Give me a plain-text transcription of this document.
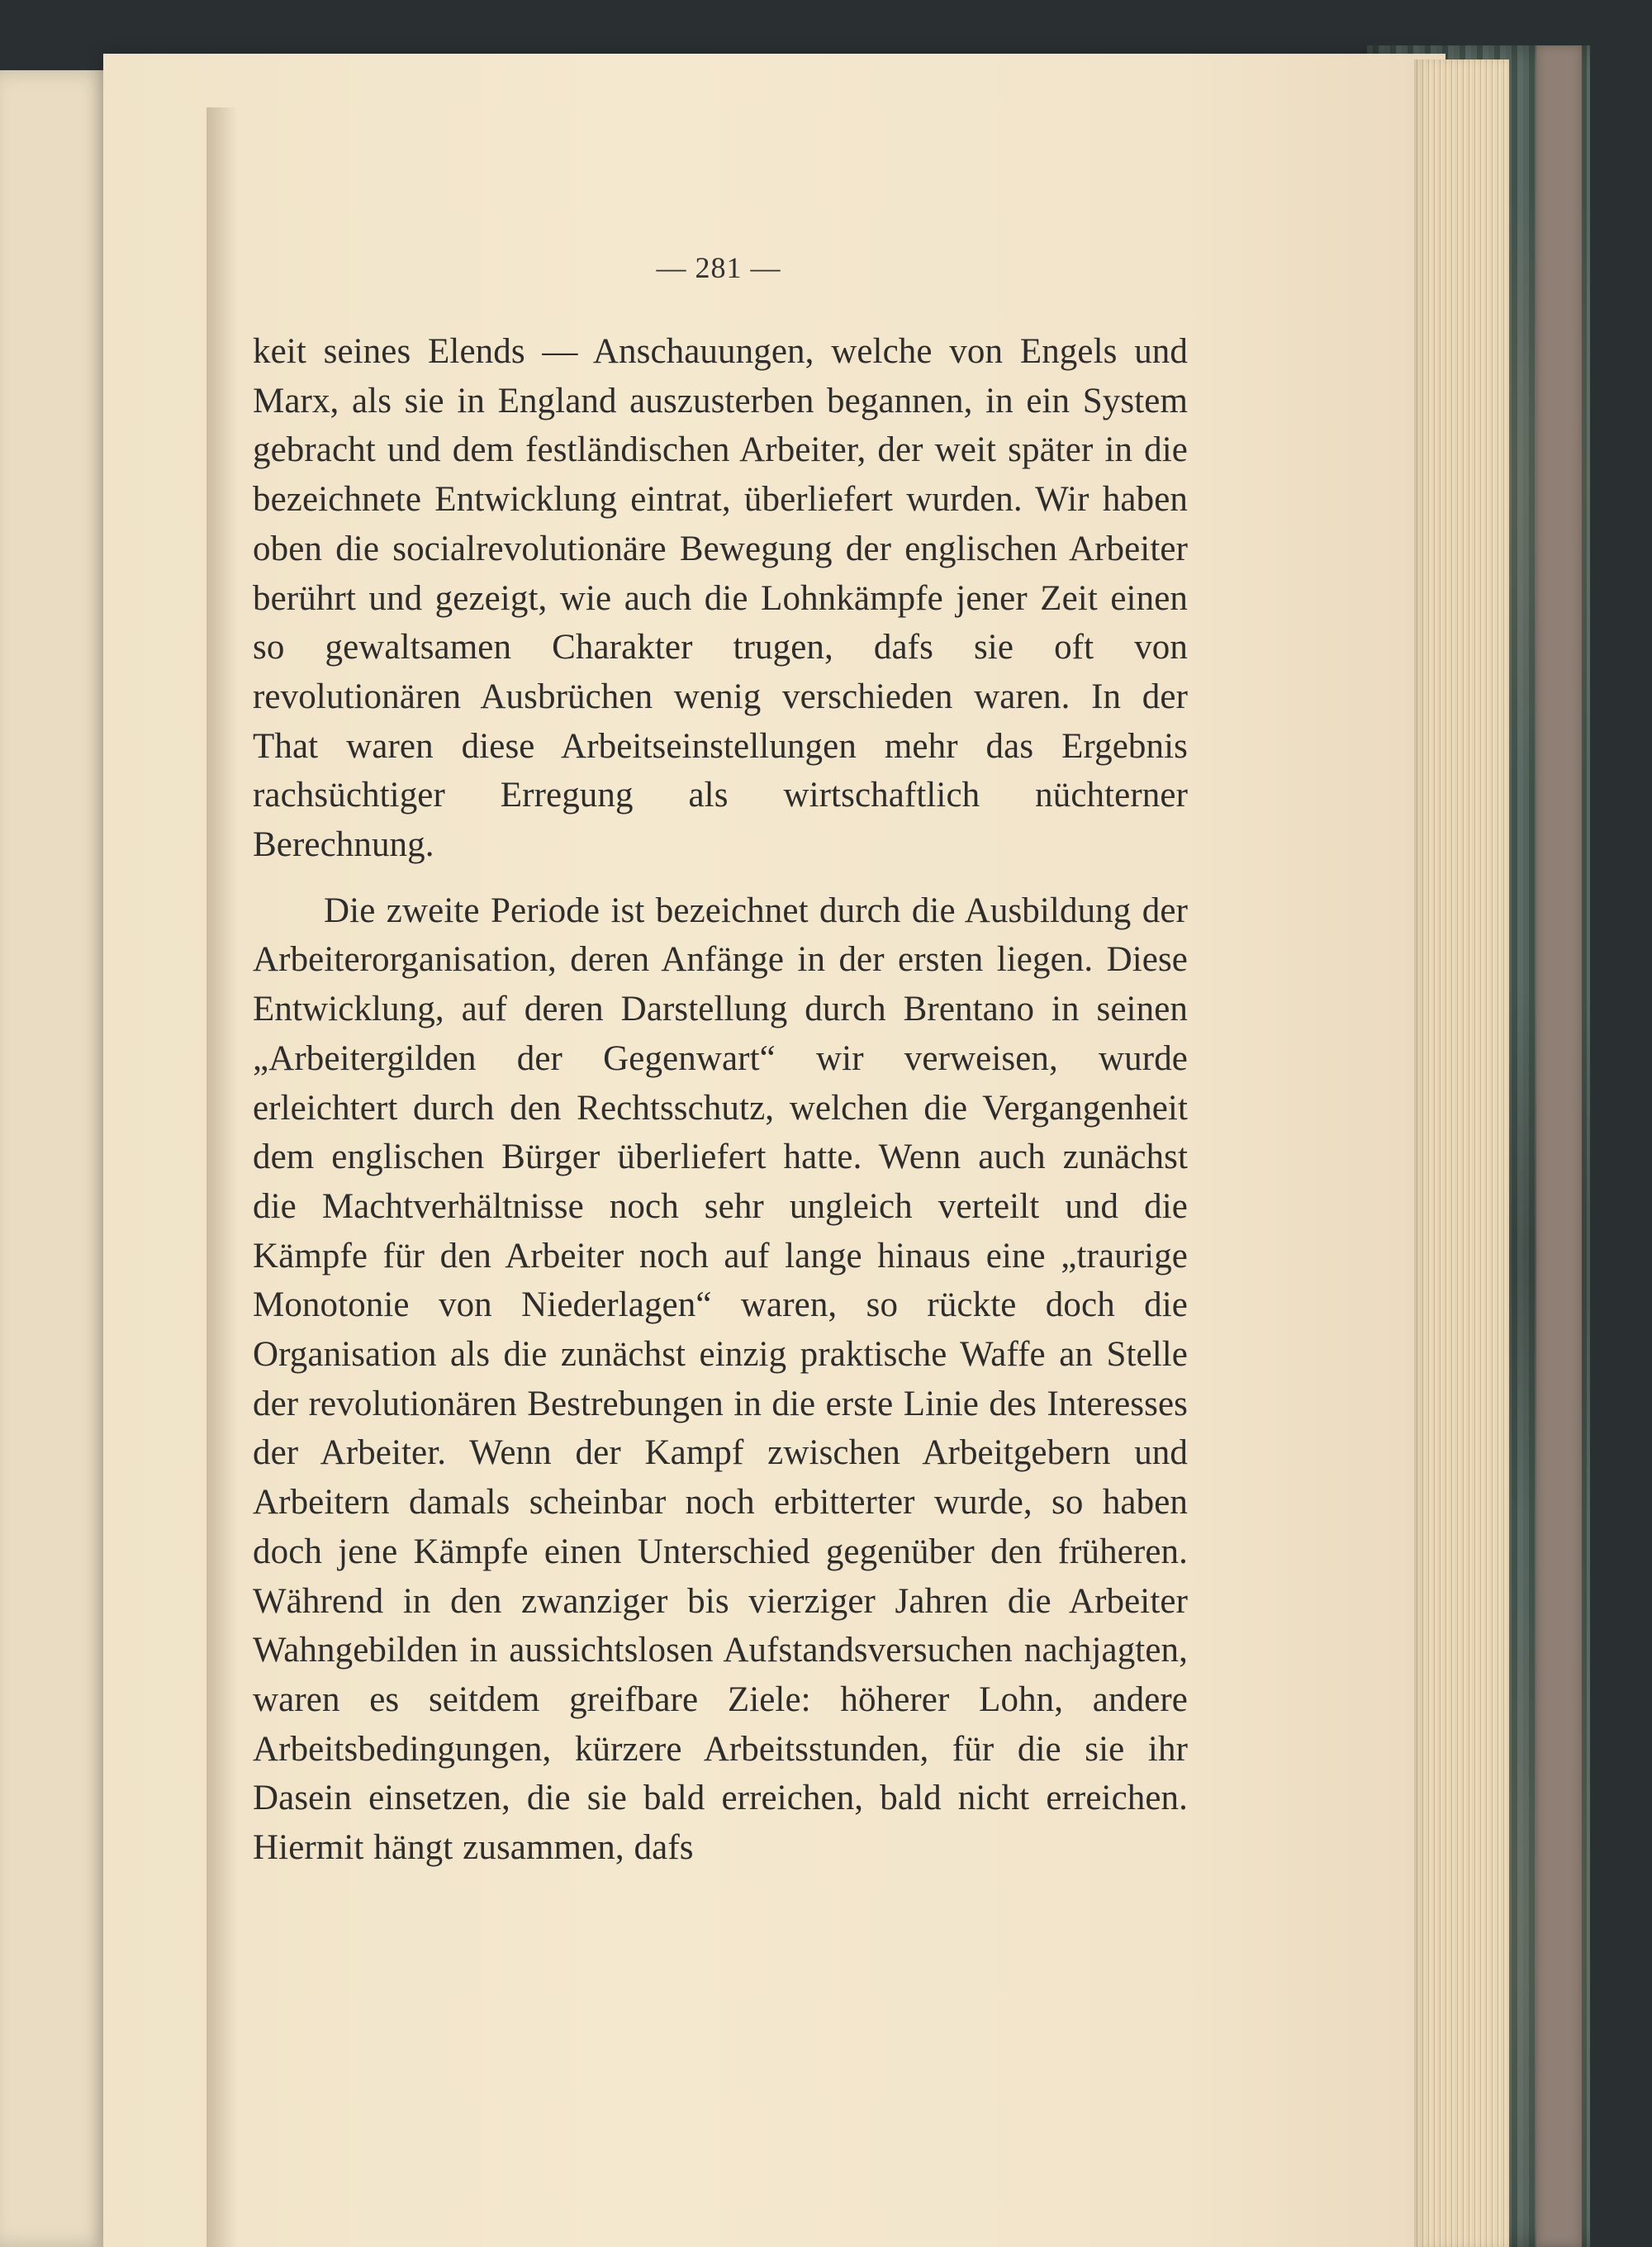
— 281 —

keit seines Elends — Anschauungen, welche von Engels und Marx, als sie in England auszusterben begannen, in ein System gebracht und dem festländischen Arbeiter, der weit später in die bezeichnete Entwicklung eintrat, überliefert wurden. Wir haben oben die socialrevolutionäre Bewegung der englischen Arbeiter berührt und gezeigt, wie auch die Lohnkämpfe jener Zeit einen so gewaltsamen Charakter trugen, dafs sie oft von revolutionären Ausbrüchen wenig verschieden waren. In der That waren diese Arbeitseinstellungen mehr das Ergebnis rachsüchtiger Erregung als wirtschaftlich nüchterner Berechnung.

Die zweite Periode ist bezeichnet durch die Ausbildung der Arbeiterorganisation, deren Anfänge in der ersten liegen. Diese Entwicklung, auf deren Darstellung durch Brentano in seinen „Arbeitergilden der Gegenwart“ wir verweisen, wurde erleichtert durch den Rechtsschutz, welchen die Vergangenheit dem englischen Bürger überliefert hatte. Wenn auch zunächst die Machtverhältnisse noch sehr ungleich verteilt und die Kämpfe für den Arbeiter noch auf lange hinaus eine „traurige Monotonie von Niederlagen“ waren, so rückte doch die Organisation als die zunächst einzig praktische Waffe an Stelle der revolutionären Bestrebungen in die erste Linie des Interesses der Arbeiter. Wenn der Kampf zwischen Arbeitgebern und Arbeitern damals scheinbar noch erbitterter wurde, so haben doch jene Kämpfe einen Unterschied gegenüber den früheren. Während in den zwanziger bis vierziger Jahren die Arbeiter Wahngebilden in aussichtslosen Aufstandsversuchen nachjagten, waren es seitdem greifbare Ziele: höherer Lohn, andere Arbeitsbedingungen, kürzere Arbeitsstunden, für die sie ihr Dasein einsetzen, die sie bald erreichen, bald nicht erreichen. Hiermit hängt zusammen, dafs
